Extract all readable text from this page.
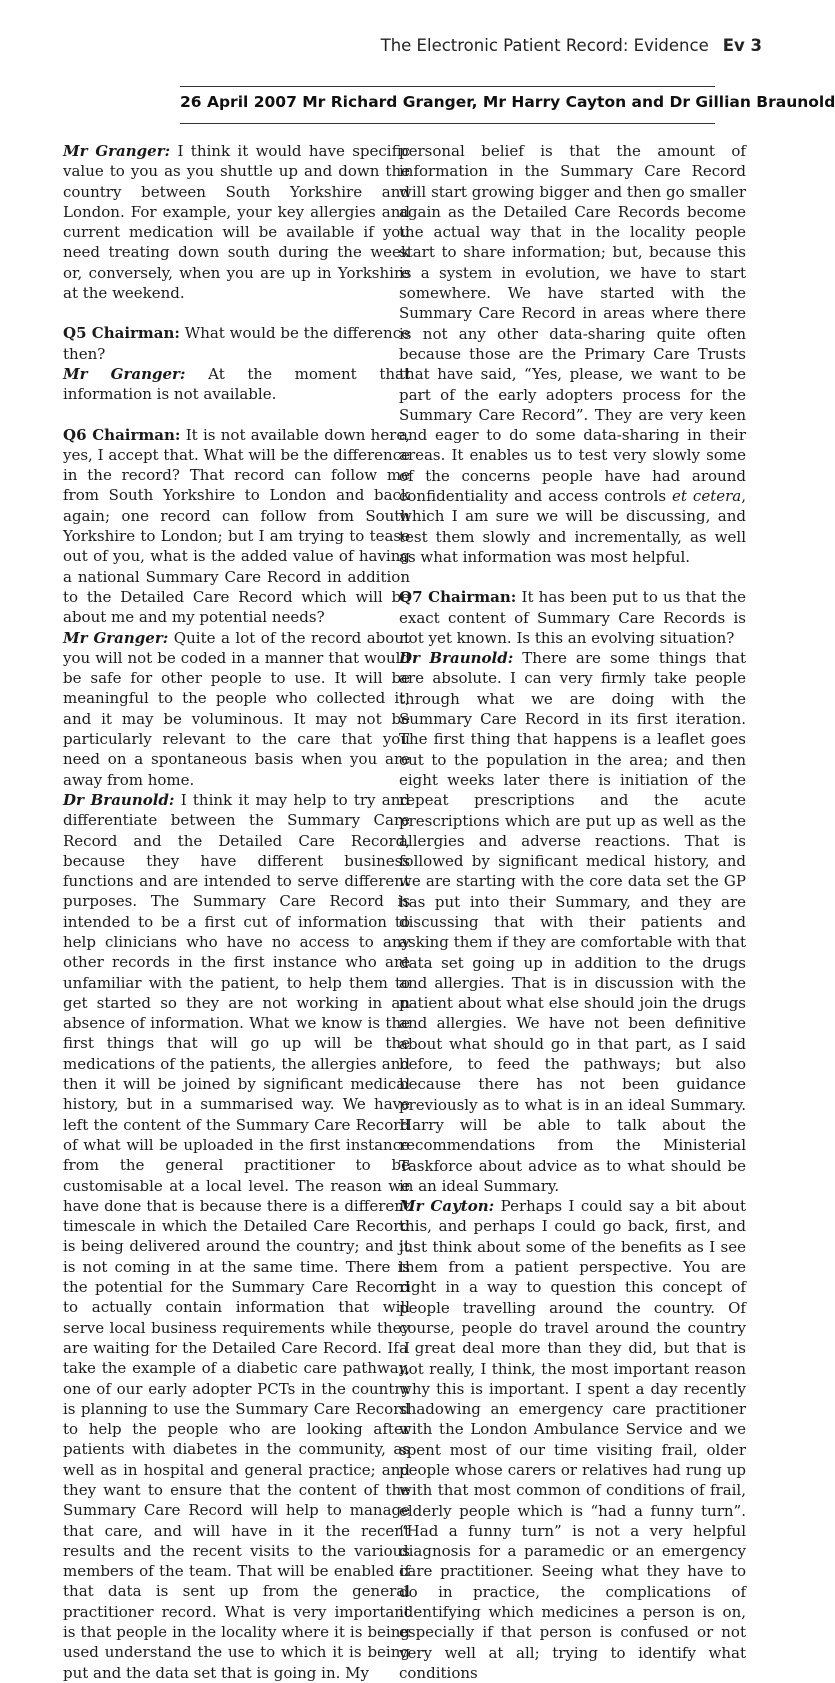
The Electronic Patient Record: Evidence Ev 3
26 April 2007 Mr Richard Granger, Mr Harry Cayton and Dr Gillian Braunold

Mr Granger: I think it would have specific value to you as you shuttle up and down the country between South Yorkshire and London. For example, your key allergies and current medication will be available if you need treating down south during the week or, conversely, when you are up in Yorkshire at the weekend.

Q5 Chairman: What would be the difference then?

Mr Granger: At the moment that information is not available.

Q6 Chairman: It is not available down here, yes, I accept that. What will be the difference in the record? That record can follow me from South Yorkshire to London and back again; one record can follow from South Yorkshire to London; but I am trying to tease out of you, what is the added value of having a national Summary Care Record in addition to the Detailed Care Record which will be about me and my potential needs?

Mr Granger: Quite a lot of the record about you will not be coded in a manner that would be safe for other people to use. It will be meaningful to the people who collected it, and it may be voluminous. It may not be particularly relevant to the care that you need on a spontaneous basis when you are away from home.

Dr Braunold: I think it may help to try and differentiate between the Summary Care Record and the Detailed Care Record, because they have different business functions and are intended to serve different purposes. The Summary Care Record is intended to be a first cut of information to help clinicians who have no access to any other records in the first instance who are unfamiliar with the patient, to help them to get started so they are not working in an absence of information. What we know is the first things that will go up will be the medications of the patients, the allergies and then it will be joined by significant medical history, but in a summarised way. We have left the content of the Summary Care Record of what will be uploaded in the first instance from the general practitioner to be customisable at a local level. The reason we have done that is because there is a different timescale in which the Detailed Care Record is being delivered around the country; and it is not coming in at the same time. There is the potential for the Summary Care Record to actually contain information that will serve local business requirements while they are waiting for the Detailed Care Record. If I take the example of a diabetic care pathway, one of our early adopter PCTs in the country is planning to use the Summary Care Record to help the people who are looking after patients with diabetes in the community, as well as in hospital and general practice; and they want to ensure that the content of the Summary Care Record will help to manage that care, and will have in it the recent results and the recent visits to the various members of the team. That will be enabled if that data is sent up from the general practitioner record. What is very important is that people in the locality where it is being used understand the use to which it is being put and the data set that is going in. My

personal belief is that the amount of information in the Summary Care Record will start growing bigger and then go smaller again as the Detailed Care Records become the actual way that in the locality people start to share information; but, because this is a system in evolution, we have to start somewhere. We have started with the Summary Care Record in areas where there is not any other data-sharing quite often because those are the Primary Care Trusts that have said, “Yes, please, we want to be part of the early adopters process for the Summary Care Record”. They are very keen and eager to do some data-sharing in their areas. It enables us to test very slowly some of the concerns people have had around confidentiality and access controls et cetera, which I am sure we will be discussing, and test them slowly and incrementally, as well as what information was most helpful.

Q7 Chairman: It has been put to us that the exact content of Summary Care Records is not yet known. Is this an evolving situation?

Dr Braunold: There are some things that are absolute. I can very firmly take people through what we are doing with the Summary Care Record in its first iteration. The first thing that happens is a leaflet goes out to the population in the area; and then eight weeks later there is initiation of the repeat prescriptions and the acute prescriptions which are put up as well as the allergies and adverse reactions. That is followed by significant medical history, and we are starting with the core data set the GP has put into their Summary, and they are discussing that with their patients and asking them if they are comfortable with that data set going up in addition to the drugs and allergies. That is in discussion with the patient about what else should join the drugs and allergies. We have not been definitive about what should go in that part, as I said before, to feed the pathways; but also because there has not been guidance previously as to what is in an ideal Summary. Harry will be able to talk about the recommendations from the Ministerial Taskforce about advice as to what should be in an ideal Summary.

Mr Cayton: Perhaps I could say a bit about this, and perhaps I could go back, first, and just think about some of the benefits as I see them from a patient perspective. You are right in a way to question this concept of people travelling around the country. Of course, people do travel around the country a great deal more than they did, but that is not really, I think, the most important reason why this is important. I spent a day recently shadowing an emergency care practitioner with the London Ambulance Service and we spent most of our time visiting frail, older people whose carers or relatives had rung up with that most common of conditions of frail, elderly people which is “had a funny turn”. “Had a funny turn” is not a very helpful diagnosis for a paramedic or an emergency care practitioner. Seeing what they have to do in practice, the complications of identifying which medicines a person is on, especially if that person is confused or not very well at all; trying to identify what conditions
